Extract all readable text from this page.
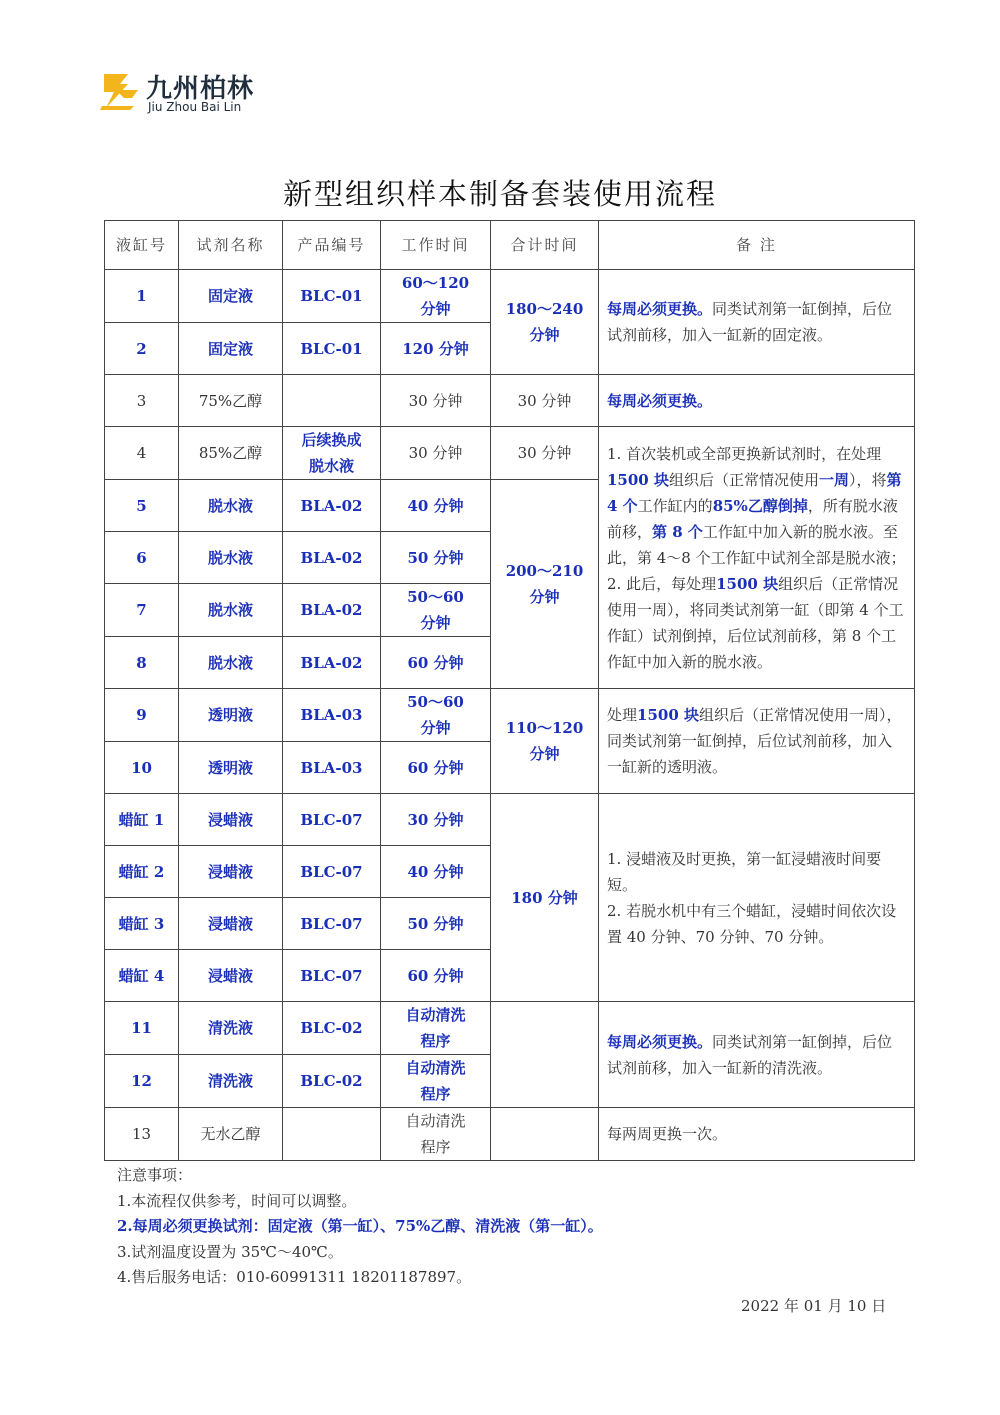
九州柏林
Jiu Zhou Bai Lin
新型组织样本制备套装使用流程
液缸号	试剂名称	产品编号	工作时间	合计时间	备 注
1	固定液	BLC-01	60～120分钟	180～240分钟	每周必须更换。同类试剂第一缸倒掉，后位试剂前移，加入一缸新的固定液。
2	固定液	BLC-01	120 分钟		
3	75%乙醇		30 分钟	30 分钟	每周必须更换。
4	85%乙醇	后续换成脱水液	30 分钟	30 分钟	1. 首次装机或全部更换新试剂时，在处理1500 块组织后（正常情况使用一周），将第 4 个工作缸内的85%乙醇倒掉，所有脱水液前移，第 8 个工作缸中加入新的脱水液。至此，第 4～8 个工作缸中试剂全部是脱水液；
2. 此后，每处理1500 块组织后（正常情况使用一周），将同类试剂第一缸（即第 4 个工作缸）试剂倒掉，后位试剂前移，第 8 个工作缸中加入新的脱水液。
5	脱水液	BLA-02	40 分钟	200～210分钟	
6	脱水液	BLA-02	50 分钟		
7	脱水液	BLA-02	50～60分钟		
8	脱水液	BLA-02	60 分钟		
9	透明液	BLA-03	50～60分钟	110～120分钟	处理1500 块组织后（正常情况使用一周），同类试剂第一缸倒掉，后位试剂前移，加入一缸新的透明液。
10	透明液	BLA-03	60 分钟		
蜡缸 1	浸蜡液	BLC-07	30 分钟	180 分钟	1. 浸蜡液及时更换，第一缸浸蜡液时间要短。
2. 若脱水机中有三个蜡缸，浸蜡时间依次设置 40 分钟、70 分钟、70 分钟。
蜡缸 2	浸蜡液	BLC-07	40 分钟		
蜡缸 3	浸蜡液	BLC-07	50 分钟		
蜡缸 4	浸蜡液	BLC-07	60 分钟		
11	清洗液	BLC-02	自动清洗程序		每周必须更换。同类试剂第一缸倒掉，后位试剂前移，加入一缸新的清洗液。
12	清洗液	BLC-02	自动清洗程序		
13	无水乙醇		自动清洗程序		每两周更换一次。
注意事项：
1.本流程仅供参考，时间可以调整。
2.每周必须更换试剂：固定液（第一缸）、75%乙醇、清洗液（第一缸）。
3.试剂温度设置为 35℃～40℃。
4.售后服务电话：010-60991311 18201187897。
2022 年 01 月 10 日
